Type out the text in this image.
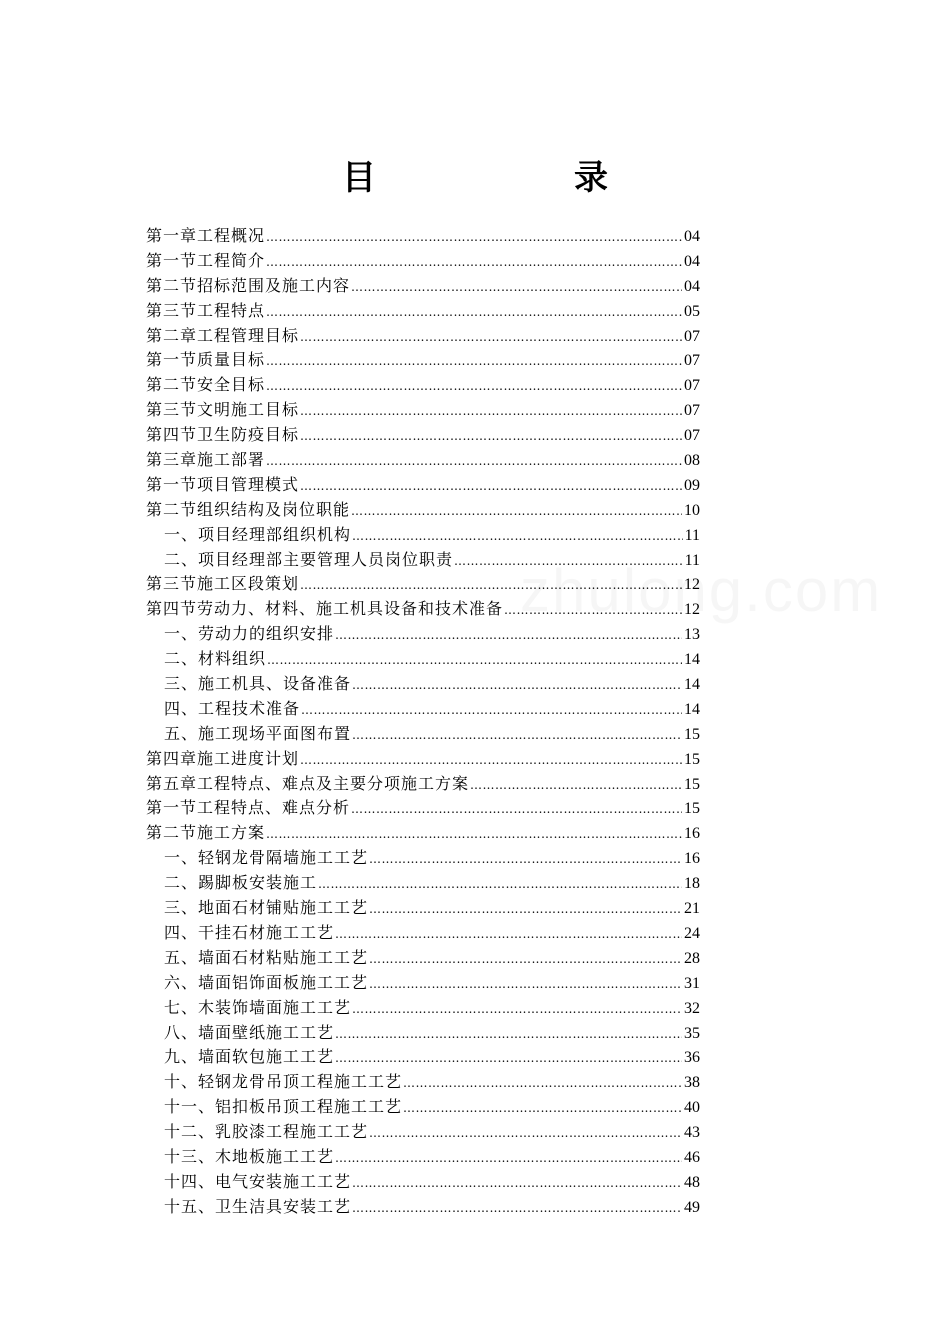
目　录
第一章工程概况 …………………………………………………………………………………………………………………………	04
第一节工程简介 …………………………………………………………………………………………………………………………	04
第二节招标范围及施工内容 …………………………………………………………………………………………………………………………	04
第三节工程特点 …………………………………………………………………………………………………………………………	05
第二章工程管理目标 …………………………………………………………………………………………………………………………	07
第一节质量目标 …………………………………………………………………………………………………………………………	07
第二节安全目标 …………………………………………………………………………………………………………………………	07
第三节文明施工目标 …………………………………………………………………………………………………………………………	07
第四节卫生防疫目标 …………………………………………………………………………………………………………………………	07
第三章施工部署 …………………………………………………………………………………………………………………………	08
第一节项目管理模式 …………………………………………………………………………………………………………………………	09
第二节组织结构及岗位职能 …………………………………………………………………………………………………………………………	10
一、项目经理部组织机构 …………………………………………………………………………………………………………………………	11
二、项目经理部主要管理人员岗位职责 …………………………………………………………………………………………………………………………	11
第三节施工区段策划 …………………………………………………………………………………………………………………………	12
第四节劳动力、材料、施工机具设备和技术准备 …………………………………………………………………………………………………………………………	12
一、劳动力的组织安排 …………………………………………………………………………………………………………………………	13
二、材料组织 …………………………………………………………………………………………………………………………	14
三、施工机具、设备准备 …………………………………………………………………………………………………………………………	14
四、工程技术准备 …………………………………………………………………………………………………………………………	14
五、施工现场平面图布置 …………………………………………………………………………………………………………………………	15
第四章施工进度计划 …………………………………………………………………………………………………………………………	15
第五章工程特点、难点及主要分项施工方案 …………………………………………………………………………………………………………………………	15
第一节工程特点、难点分析 …………………………………………………………………………………………………………………………	15
第二节施工方案 …………………………………………………………………………………………………………………………	16
一、轻钢龙骨隔墙施工工艺 …………………………………………………………………………………………………………………………	16
二、踢脚板安装施工 …………………………………………………………………………………………………………………………	18
三、地面石材铺贴施工工艺 …………………………………………………………………………………………………………………………	21
四、干挂石材施工工艺 …………………………………………………………………………………………………………………………	24
五、墙面石材粘贴施工工艺 …………………………………………………………………………………………………………………………	28
六、墙面铝饰面板施工工艺 …………………………………………………………………………………………………………………………	31
七、木装饰墙面施工工艺 …………………………………………………………………………………………………………………………	32
八、墙面壁纸施工工艺 …………………………………………………………………………………………………………………………	35
九、墙面软包施工工艺 …………………………………………………………………………………………………………………………	36
十、轻钢龙骨吊顶工程施工工艺 …………………………………………………………………………………………………………………………	38
十一、铝扣板吊顶工程施工工艺 …………………………………………………………………………………………………………………………	40
十二、乳胶漆工程施工工艺 …………………………………………………………………………………………………………………………	43
十三、木地板施工工艺 …………………………………………………………………………………………………………………………	46
十四、电气安装施工工艺 …………………………………………………………………………………………………………………………	48
十五、卫生洁具安装工艺 …………………………………………………………………………………………………………………………	49
